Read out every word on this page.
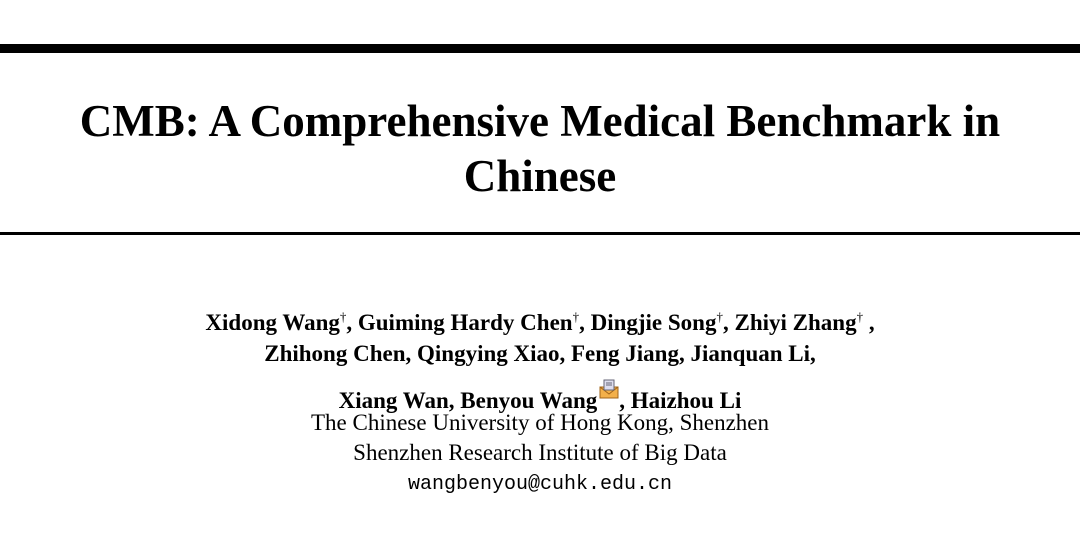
CMB: A Comprehensive Medical Benchmark in
Chinese
Xidong Wang†, Guiming Hardy Chen†, Dingjie Song†, Zhiyi Zhang† ,
Zhihong Chen, Qingying Xiao, Feng Jiang, Jianquan Li,
Xiang Wan, Benyou Wang , Haizhou Li
The Chinese University of Hong Kong, Shenzhen
Shenzhen Research Institute of Big Data
wangbenyou@cuhk.edu.cn
